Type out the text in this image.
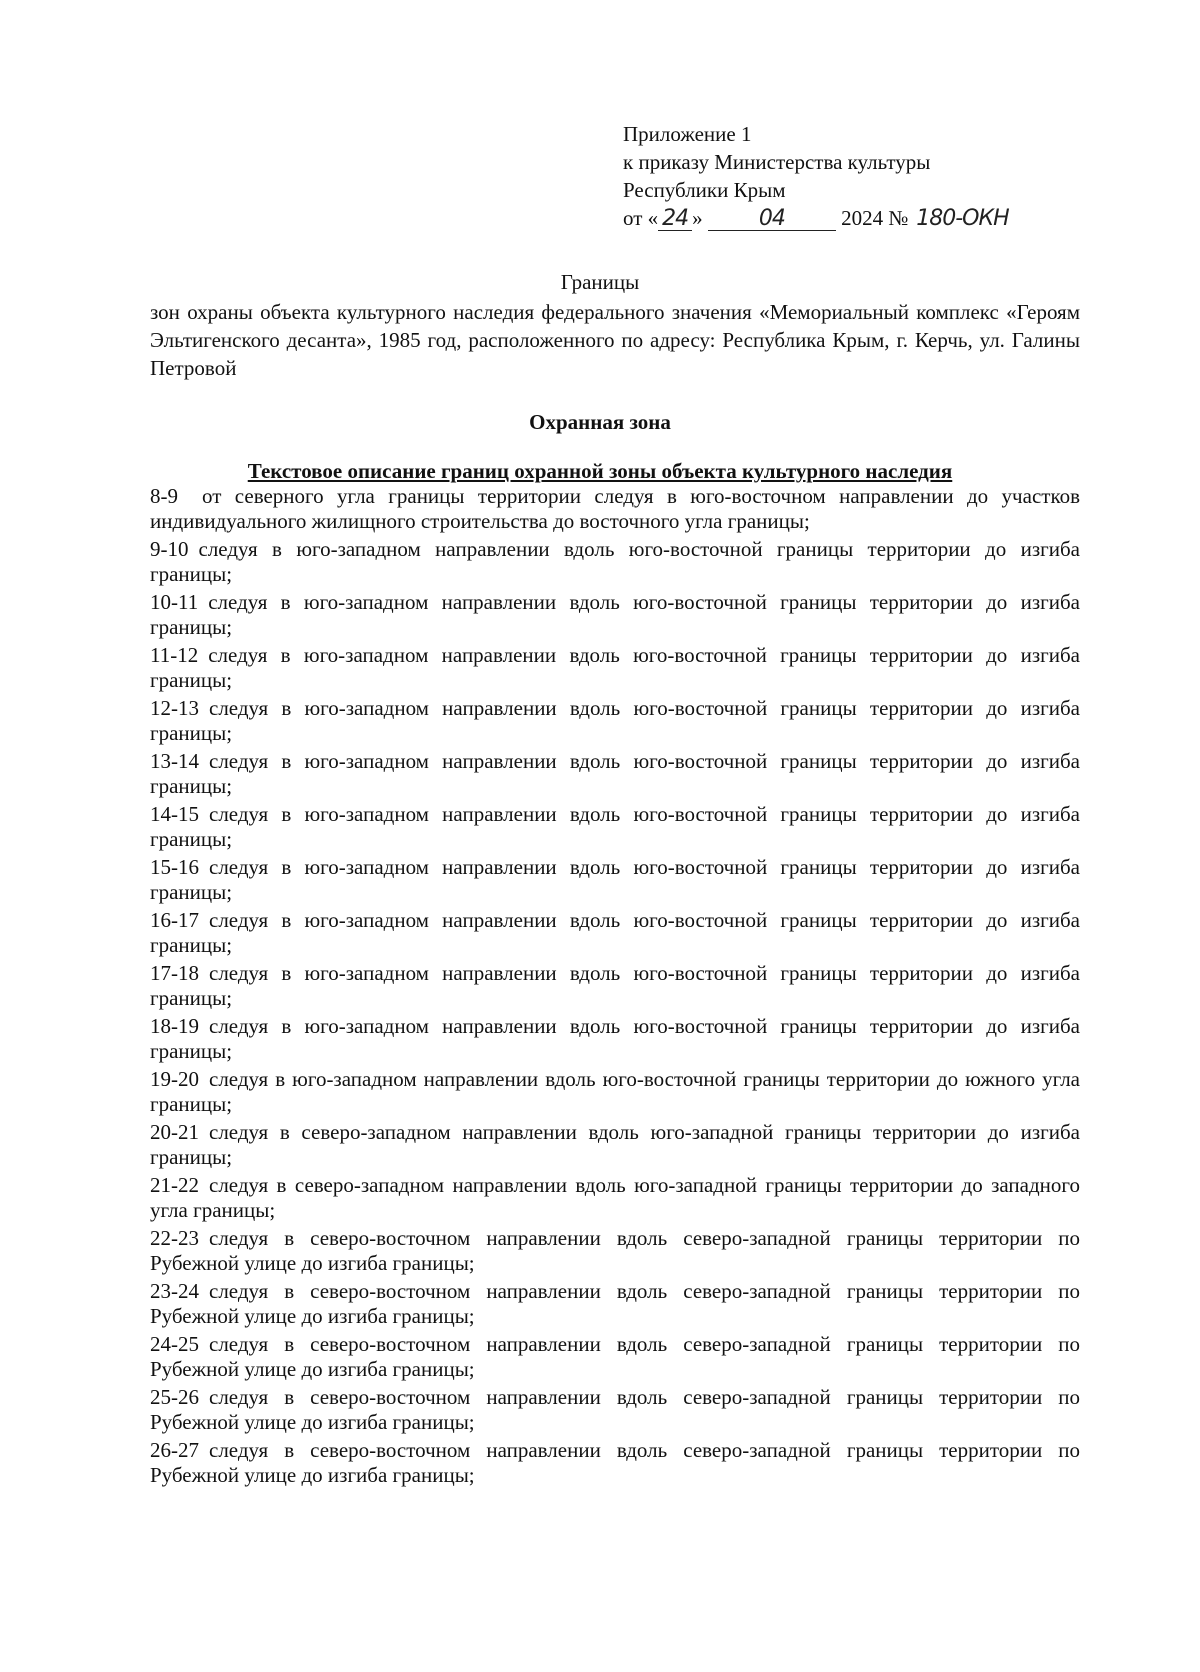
Приложение 1
к приказу Министерства культуры
Республики Крым
от « 24 »	04	2024 № 180-ОКН
Границы
зон охраны объекта культурного наследия федерального значения «Мемориальный комплекс «Героям Эльтигенского десанта», 1985 год, расположенного по адресу: Республика Крым, г. Керчь, ул. Галины Петровой
Охранная зона
Текстовое описание границ охранной зоны объекта культурного наследия
8-9 от северного угла границы территории следуя в юго-восточном направлении до участков индивидуального жилищного строительства до восточного угла границы;
9-10 следуя в юго-западном направлении вдоль юго-восточной границы территории до изгиба границы;
10-11 следуя в юго-западном направлении вдоль юго-восточной границы территории до изгиба границы;
11-12 следуя в юго-западном направлении вдоль юго-восточной границы территории до изгиба границы;
12-13 следуя в юго-западном направлении вдоль юго-восточной границы территории до изгиба границы;
13-14 следуя в юго-западном направлении вдоль юго-восточной границы территории до изгиба границы;
14-15 следуя в юго-западном направлении вдоль юго-восточной границы территории до изгиба границы;
15-16 следуя в юго-западном направлении вдоль юго-восточной границы территории до изгиба границы;
16-17 следуя в юго-западном направлении вдоль юго-восточной границы территории до изгиба границы;
17-18 следуя в юго-западном направлении вдоль юго-восточной границы территории до изгиба границы;
18-19 следуя в юго-западном направлении вдоль юго-восточной границы территории до изгиба границы;
19-20 следуя в юго-западном направлении вдоль юго-восточной границы территории до южного угла границы;
20-21 следуя в северо-западном направлении вдоль юго-западной границы территории до изгиба границы;
21-22 следуя в северо-западном направлении вдоль юго-западной границы территории до западного угла границы;
22-23 следуя в северо-восточном направлении вдоль северо-западной границы территории по Рубежной улице до изгиба границы;
23-24 следуя в северо-восточном направлении вдоль северо-западной границы территории по Рубежной улице до изгиба границы;
24-25 следуя в северо-восточном направлении вдоль северо-западной границы территории по Рубежной улице до изгиба границы;
25-26 следуя в северо-восточном направлении вдоль северо-западной границы территории по Рубежной улице до изгиба границы;
26-27 следуя в северо-восточном направлении вдоль северо-западной границы территории по Рубежной улице до изгиба границы;
